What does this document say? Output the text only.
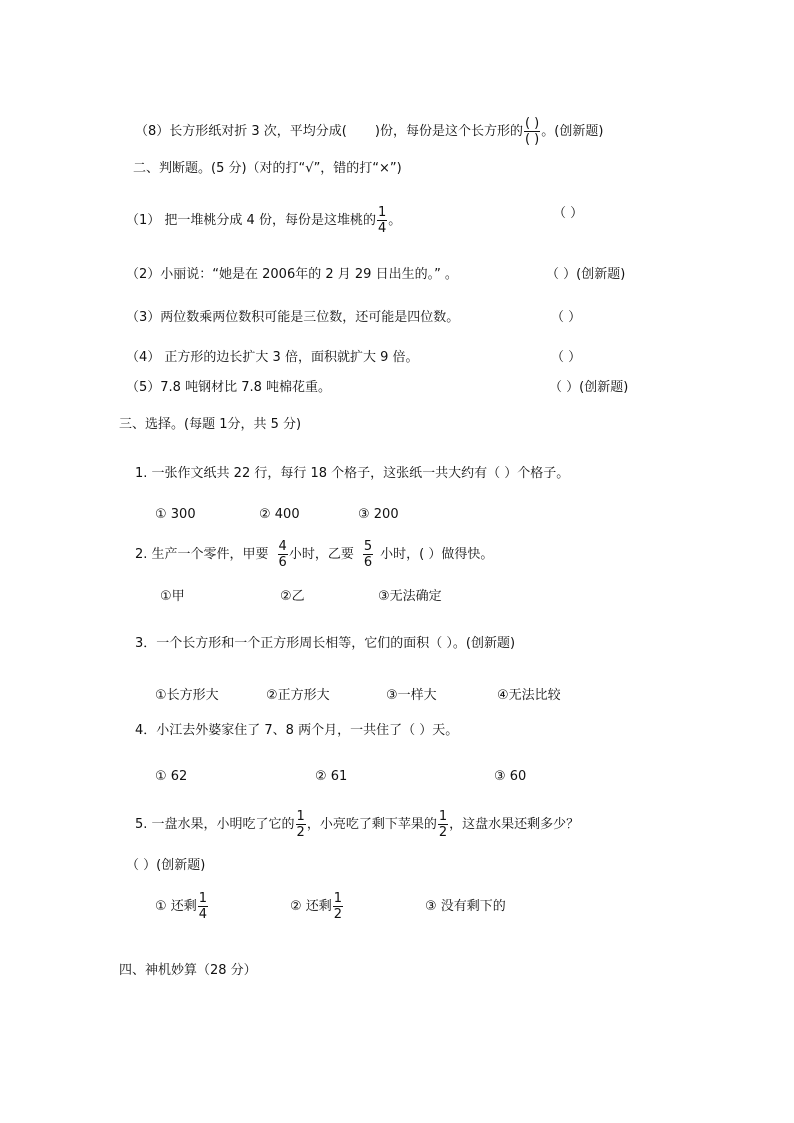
（8）长方形纸对折 3 次，平均分成( )份，每份是这个长方形的 $\frac{( )}{( )}$ 。(创新题)
二、判断题。(5 分)（对的打“√”，错的打“×”)
（1） 把一堆桃分成 4 份，每份是这堆桃的 $\frac{1}{4}$ 。	（ ）
（2）小丽说：“她是在 2006年的 2 月 29 日出生的。” 。	（ ）(创新题)
（3）两位数乘两位数积可能是三位数，还可能是四位数。	（ ）
（4） 正方形的边长扩大 3 倍，面积就扩大 9 倍。	（ ）
（5）7.8 吨钢材比 7.8 吨棉花重。	（ ）(创新题)
三、选择。(每题 1分，共 5 分)
1. 一张作文纸共 22 行，每行 18 个格子，这张纸一共大约有（ ）个格子。
① 300	② 400	③ 200
2. 生产一个零件，甲要 $\frac{4}{6}$ 小时，乙要 $\frac{5}{6}$ 小时，( ）做得快。
①甲	②乙	③无法确定
3．一个长方形和一个正方形周长相等，它们的面积（ ）。(创新题)
①长方形大	②正方形大	③一样大	④无法比较
4．小江去外婆家住了 7、8 两个月，一共住了（ ）天。
① 62	② 61	③ 60
5. 一盘水果，小明吃了它的 $\frac{1}{2}$ ，小亮吃了剩下苹果的 $\frac{1}{2}$ ，这盘水果还剩多少？
（ ）(创新题)
① 还剩 $\frac{1}{4}$	② 还剩 $\frac{1}{2}$	③ 没有剩下的
四、神机妙算（28 分）
